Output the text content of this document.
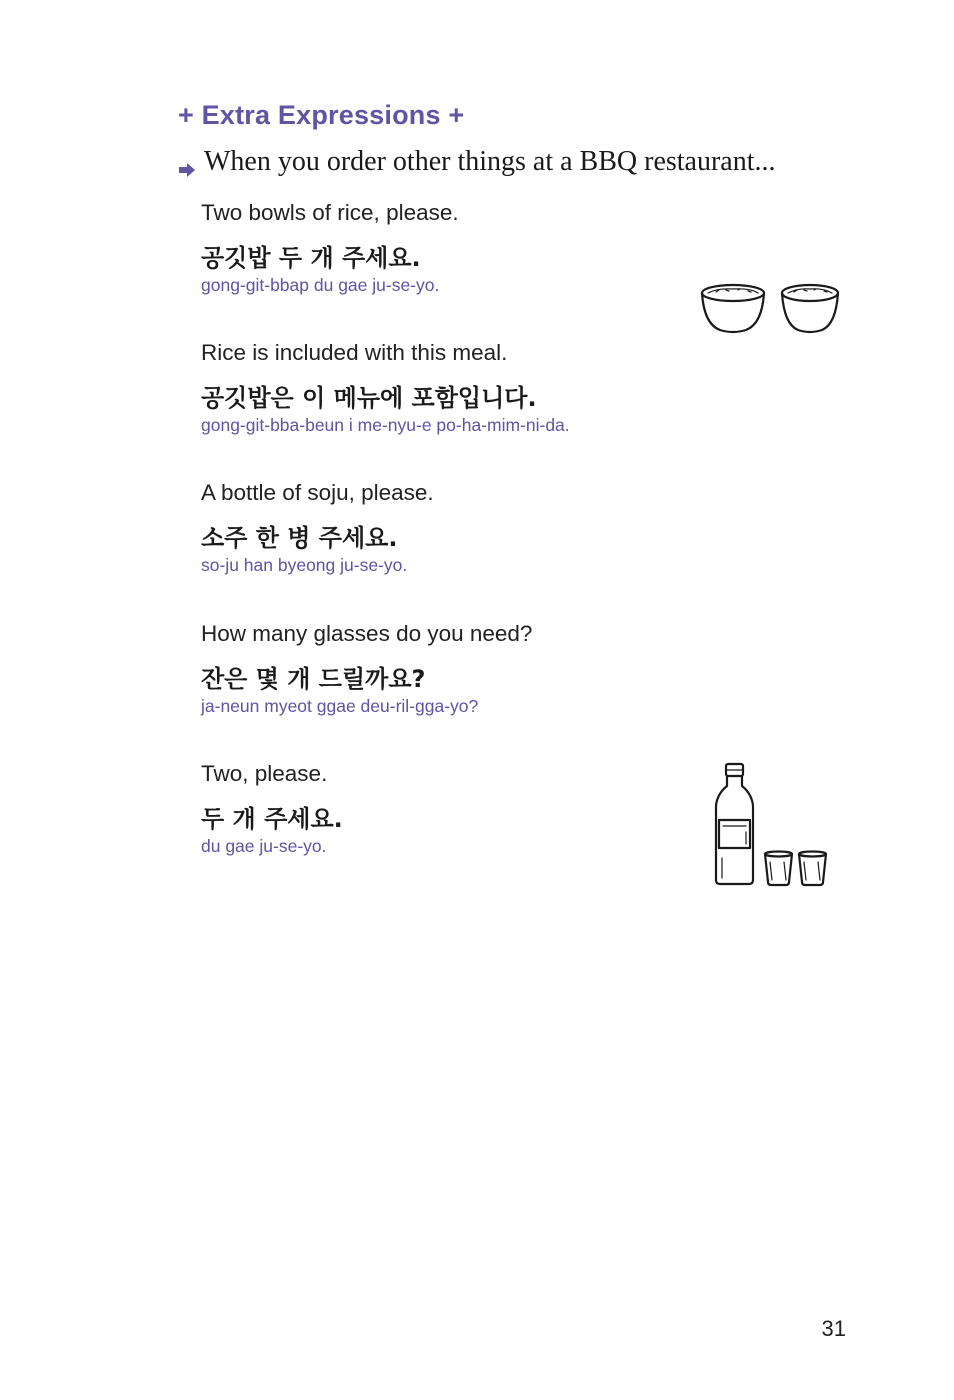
+ Extra Expressions +
When you order other things at a BBQ restaurant...
Two bowls of rice, please.
공깃밥 두 개 주세요.
gong-git-bbap du gae ju-se-yo.
Rice is included with this meal.
공깃밥은 이 메뉴에 포함입니다.
gong-git-bba-beun i me-nyu-e po-ha-mim-ni-da.
A bottle of soju, please.
소주 한 병 주세요.
so-ju han byeong ju-se-yo.
How many glasses do you need?
잔은 몇 개 드릴까요?
ja-neun myeot ggae deu-ril-gga-yo?
Two, please.
두 개 주세요.
du gae ju-se-yo.
31
